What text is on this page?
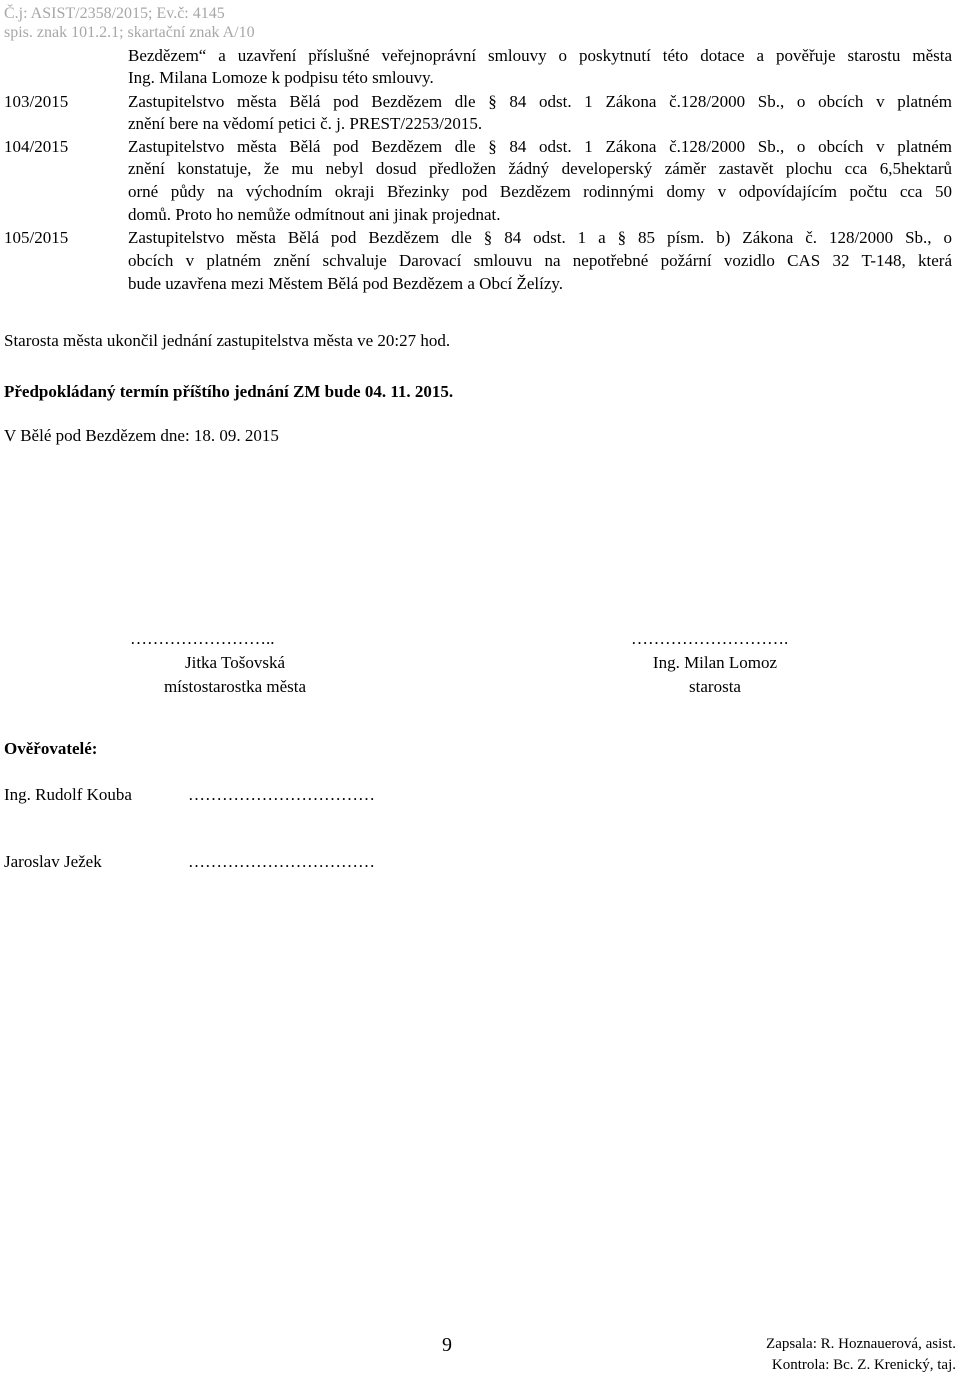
Č.j: ASIST/2358/2015; Ev.č: 4145
spis. znak 101.2.1; skartační znak A/10
Bezdězem“ a uzavření příslušné veřejnoprávní smlouvy o poskytnutí této dotace a pověřuje starostu města
Ing. Milana Lomoze k podpisu této smlouvy.
103/2015	Zastupitelstvo města Bělá pod Bezdězem dle § 84 odst. 1 Zákona č.128/2000 Sb., o obcích v platném
znění bere na vědomí petici č. j. PREST/2253/2015.
104/2015	Zastupitelstvo města Bělá pod Bezdězem dle § 84 odst. 1 Zákona č.128/2000 Sb., o obcích v platném
znění konstatuje, že mu nebyl dosud předložen žádný developerský záměr zastavět plochu cca 6,5hektarů
orné půdy na východním okraji Březinky pod Bezdězem rodinnými domy v odpovídajícím počtu cca 50
domů. Proto ho nemůže odmítnout ani jinak projednat.
105/2015	Zastupitelstvo města Bělá pod Bezdězem dle § 84 odst. 1 a § 85 písm. b) Zákona č. 128/2000 Sb., o
obcích v platném znění schvaluje Darovací smlouvu na nepotřebné požární vozidlo CAS 32 T-148, která
bude uzavřena mezi Městem Bělá pod Bezdězem a Obcí Želízy.
Starosta města ukončil jednání zastupitelstva města ve 20:27 hod.
Předpokládaný termín příštího jednání ZM bude 04. 11. 2015.
V Bělé pod Bezdězem dne: 18. 09. 2015
……………………..
Jitka Tošovská
místostarostka města
……………………….
Ing. Milan Lomoz
starosta
Ověřovatelé:
Ing. Rudolf Kouba	……………………………
Jaroslav Ježek	……………………………
9	Zapsala: R. Hoznauerová, asist.
Kontrola: Bc. Z. Krenický, taj.
